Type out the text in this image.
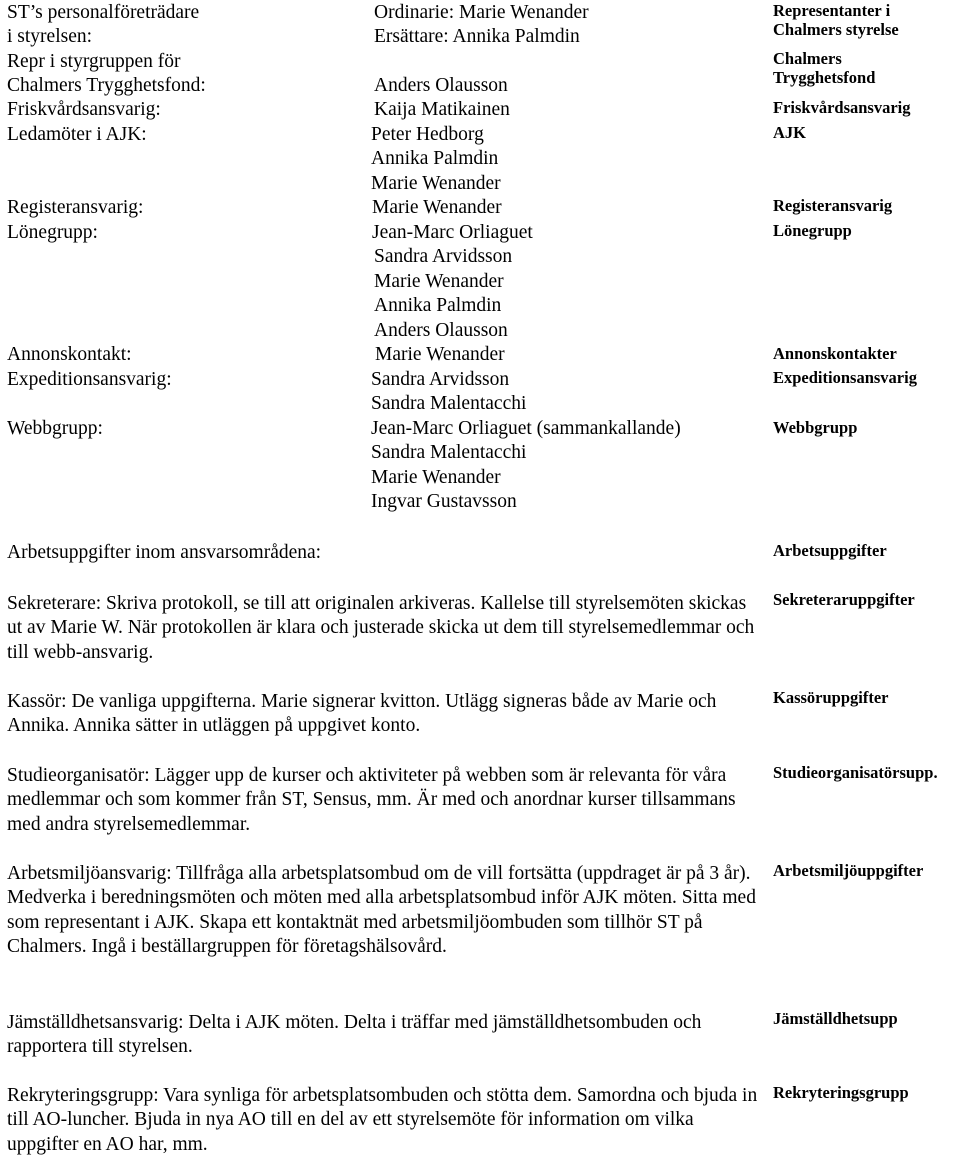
ST’s personalföreträdare

i styrelsen:

Repr i styrgruppen för

Chalmers Trygghetsfond:

Friskvårdsansvarig:

Ledamöter i AJK:

Registeransvarig:

Lönegrupp:

Annonskontakt:

Expeditionsansvarig:

Webbgrupp:

Ordinarie: Marie Wenander

Ersättare: Annika Palmdin

Anders Olausson

Kaija Matikainen

Peter Hedborg

Annika Palmdin

Marie Wenander

Marie Wenander

Jean-Marc Orliaguet

Sandra Arvidsson

Marie Wenander

Annika Palmdin

Anders Olausson

Marie Wenander

Sandra Arvidsson

Sandra Malentacchi

Jean-Marc Orliaguet (sammankallande)

Sandra Malentacchi

Marie Wenander

Ingvar Gustavsson

Representanter i

Chalmers styrelse

Chalmers

Trygghetsfond

Friskvårdsansvarig

AJK

Registeransvarig

Lönegrupp

Annonskontakter

Expeditionsansvarig

Webbgrupp

Arbetsuppgifter

Sekreteraruppgifter

Kassöruppgifter

Studieorganisatörsupp.

Arbetsmiljöuppgifter

Jämställdhetsupp

Rekryteringsgrupp

Arbetsuppgifter inom ansvarsområdena:

Sekreterare: Skriva protokoll, se till att originalen arkiveras. Kallelse till styrelsemöten skickas ut av Marie W. När protokollen är klara och justerade skicka ut dem till styrelsemedlemmar och till webb-ansvarig.

Kassör: De vanliga uppgifterna. Marie signerar kvitton. Utlägg signeras både av Marie och Annika. Annika sätter in utläggen på uppgivet konto.

Studieorganisatör: Lägger upp de kurser och aktiviteter på webben som är relevanta för våra medlemmar och som kommer från ST, Sensus, mm. Är med och anordnar kurser tillsammans med andra styrelsemedlemmar.

Arbetsmiljöansvarig: Tillfråga alla arbetsplatsombud om de vill fortsätta (uppdraget är på 3 år). Medverka i beredningsmöten och möten med alla arbetsplatsombud inför AJK möten. Sitta med som representant i AJK. Skapa ett kontaktnät med arbetsmiljöombuden som tillhör ST på Chalmers. Ingå i beställargruppen för företagshälsovård.

Jämställdhetsansvarig: Delta i AJK möten. Delta i träffar med jämställdhetsombuden och rapportera till styrelsen.

Rekryteringsgrupp: Vara synliga för arbetsplatsombuden och stötta dem. Samordna och bjuda in till AO-luncher. Bjuda in nya AO till en del av ett styrelsemöte för information om vilka uppgifter en AO har, mm.
